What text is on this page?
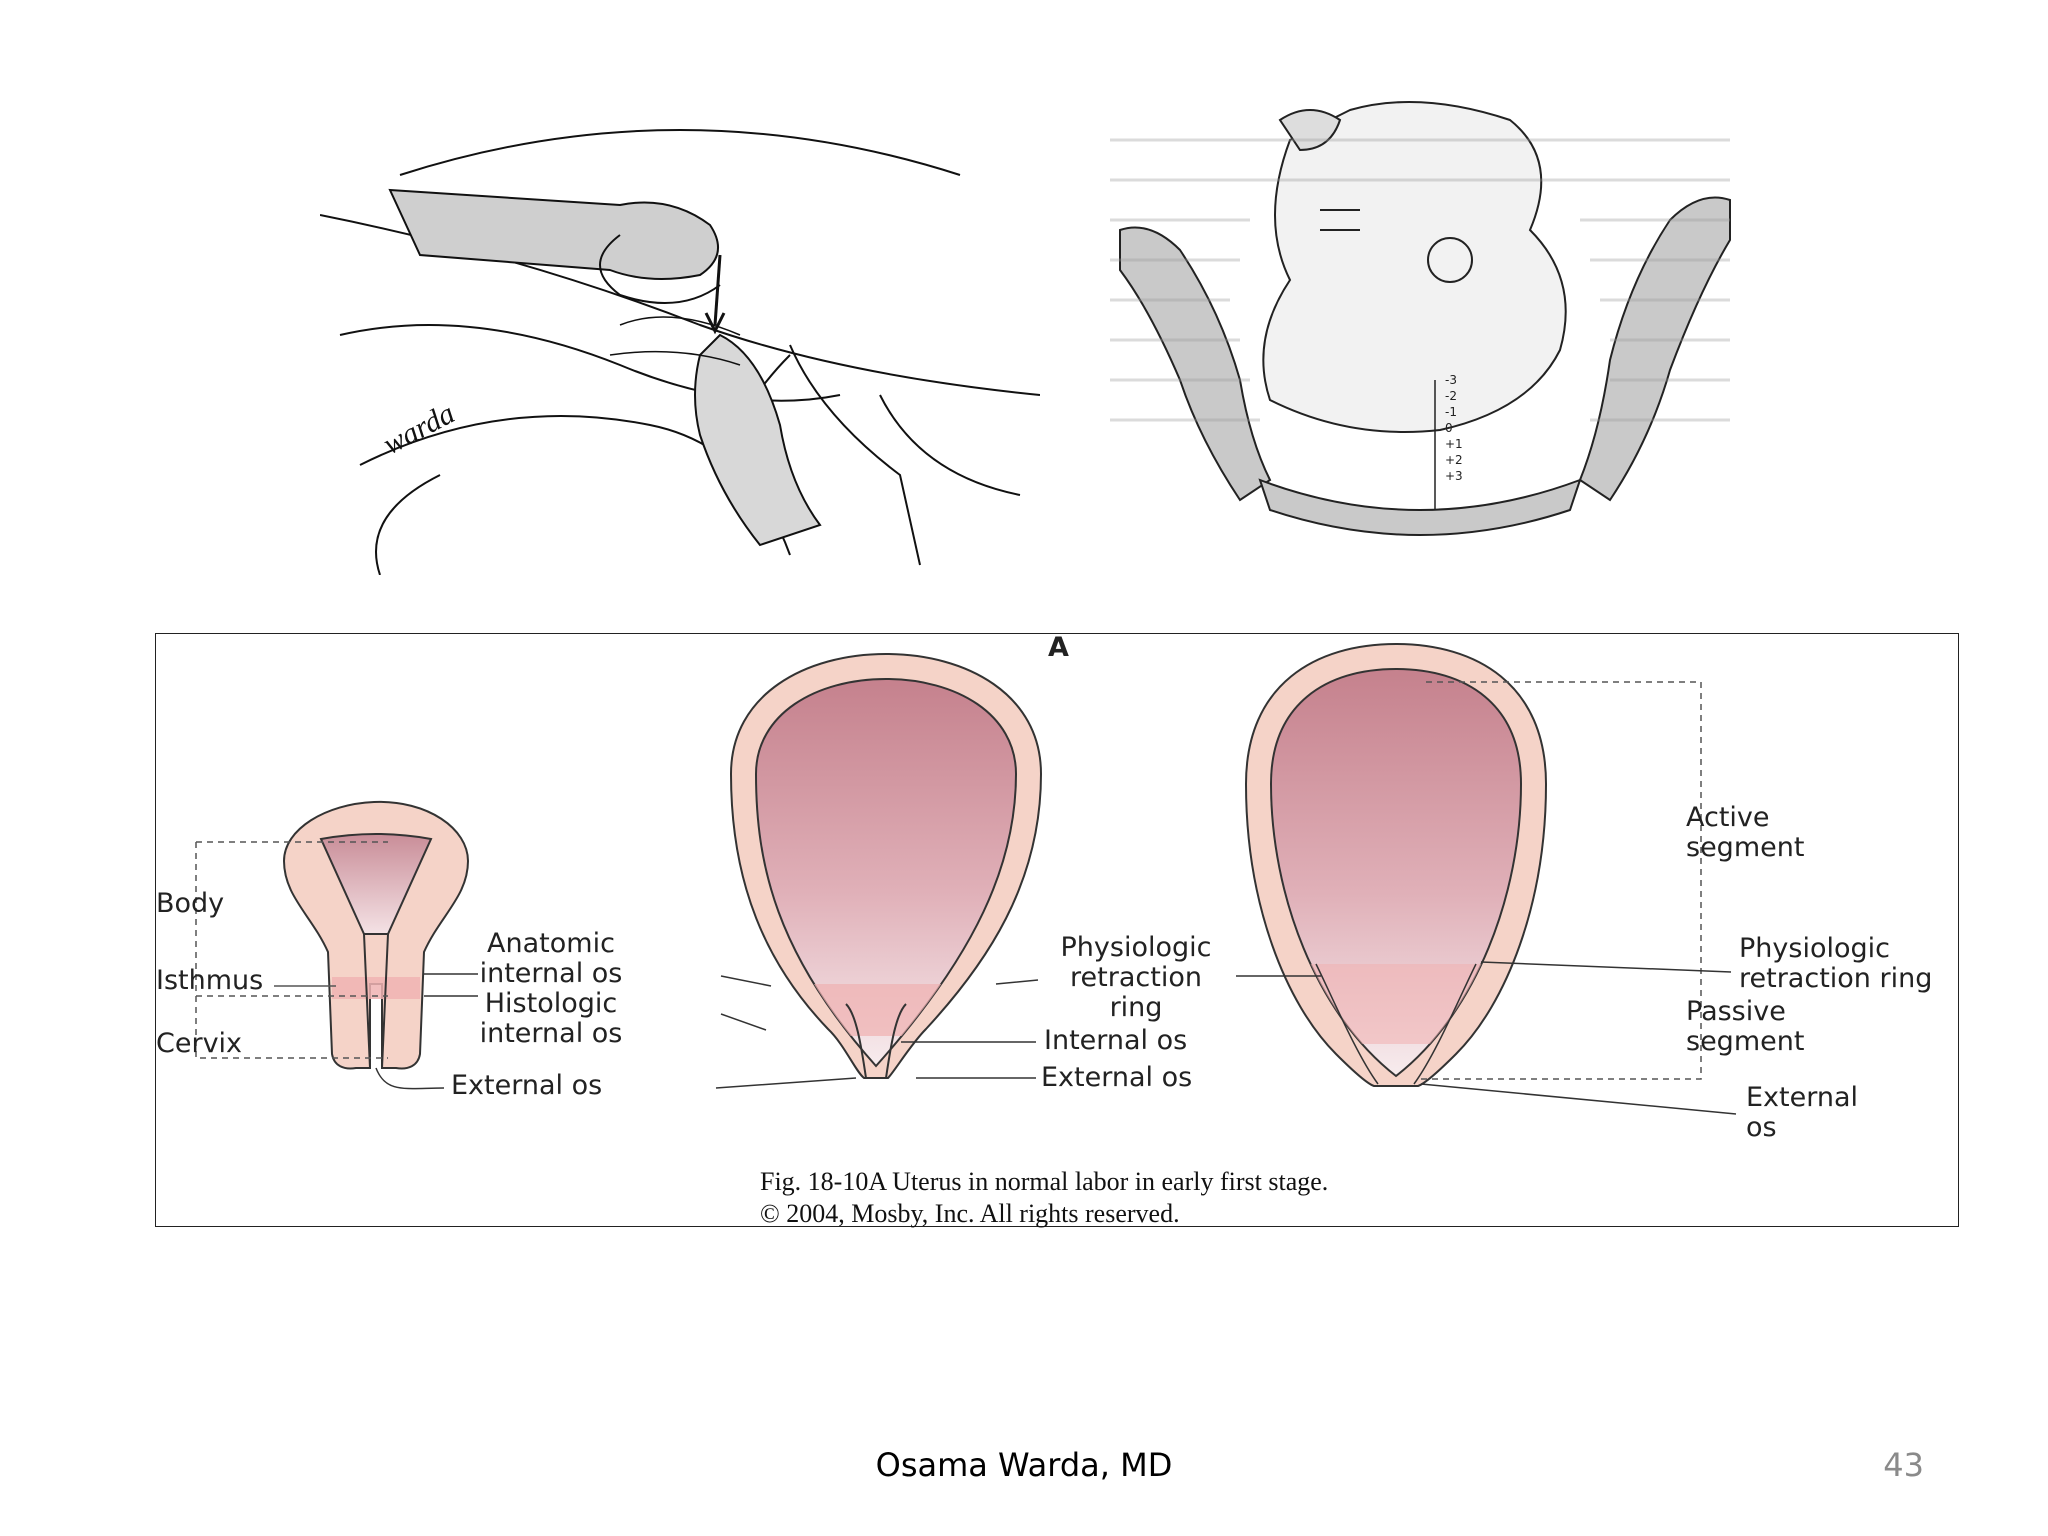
warda
-3
-2
-1
0
+1
+2
+3
A
Body
Isthmus
Cervix
Anatomic
internal os
Histologic
internal os
External os
Physiologic
retraction
ring
Internal os
External os
Active
segment
Physiologic
retraction ring
Passive
segment
External
os
Fig. 18-10A Uterus in normal labor in early first stage.
© 2004, Mosby, Inc. All rights reserved.
Osama Warda, MD	43
